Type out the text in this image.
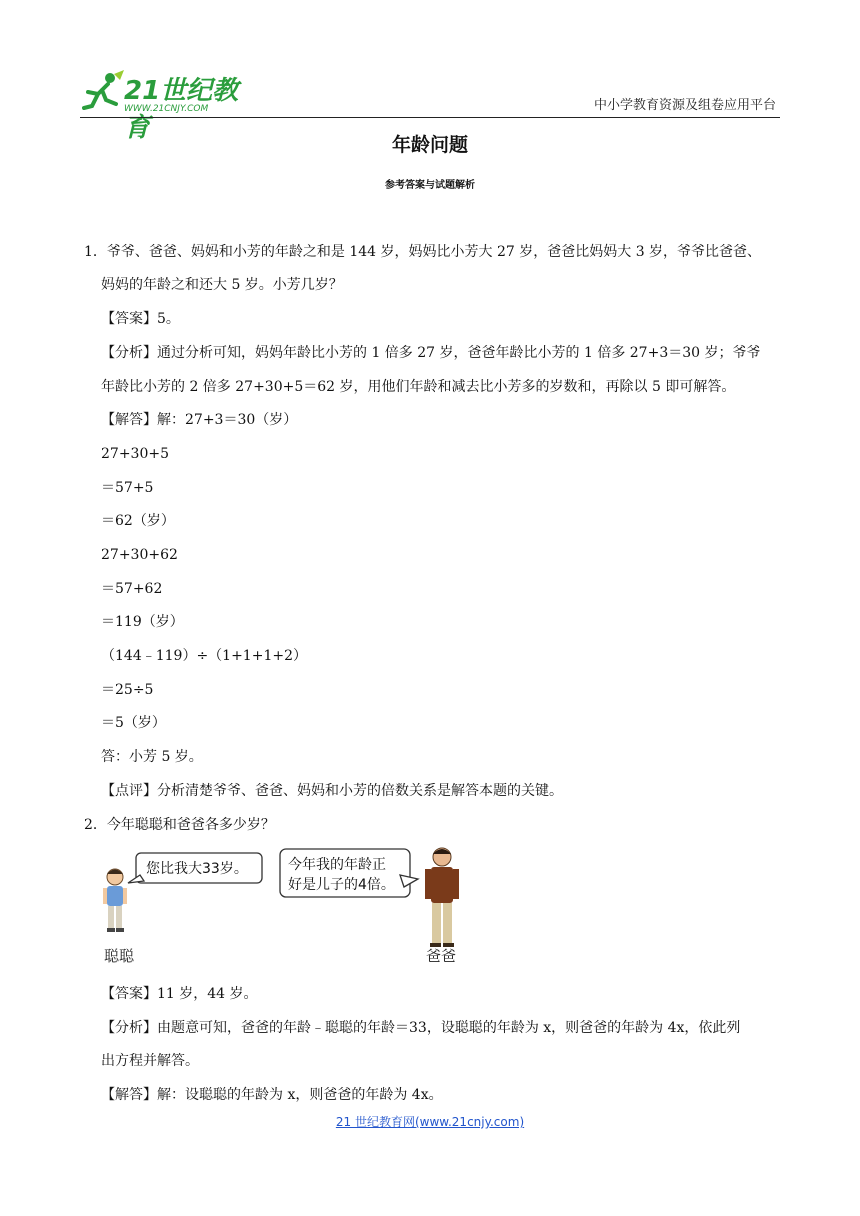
21世纪教育
WWW.21CNJY.COM	中小学教育资源及组卷应用平台
年龄问题
参考答案与试题解析
1．爷爷、爸爸、妈妈和小芳的年龄之和是 144 岁，妈妈比小芳大 27 岁，爸爸比妈妈大 3 岁，爷爷比爸爸、
妈妈的年龄之和还大 5 岁。小芳几岁？
【答案】5。
【分析】通过分析可知，妈妈年龄比小芳的 1 倍多 27 岁，爸爸年龄比小芳的 1 倍多 27+3＝30 岁；爷爷
年龄比小芳的 2 倍多 27+30+5＝62 岁，用他们年龄和减去比小芳多的岁数和，再除以 5 即可解答。
【解答】解：27+3＝30（岁）
27+30+5
＝57+5
＝62（岁）
27+30+62
＝57+62
＝119（岁）
（144﹣119）÷（1+1+1+2）
＝25÷5
＝5（岁）
答：小芳 5 岁。
【点评】分析清楚爷爷、爸爸、妈妈和小芳的倍数关系是解答本题的关键。
2．今年聪聪和爸爸各多少岁？
您比我大33岁。	今年我的年龄正
好是儿子的4倍。
聪聪	爸爸
【答案】11 岁，44 岁。
【分析】由题意可知，爸爸的年龄﹣聪聪的年龄＝33，设聪聪的年龄为 x，则爸爸的年龄为 4x，依此列
出方程并解答。
【解答】解：设聪聪的年龄为 x，则爸爸的年龄为 4x。
21 世纪教育网(www.21cnjy.com)
